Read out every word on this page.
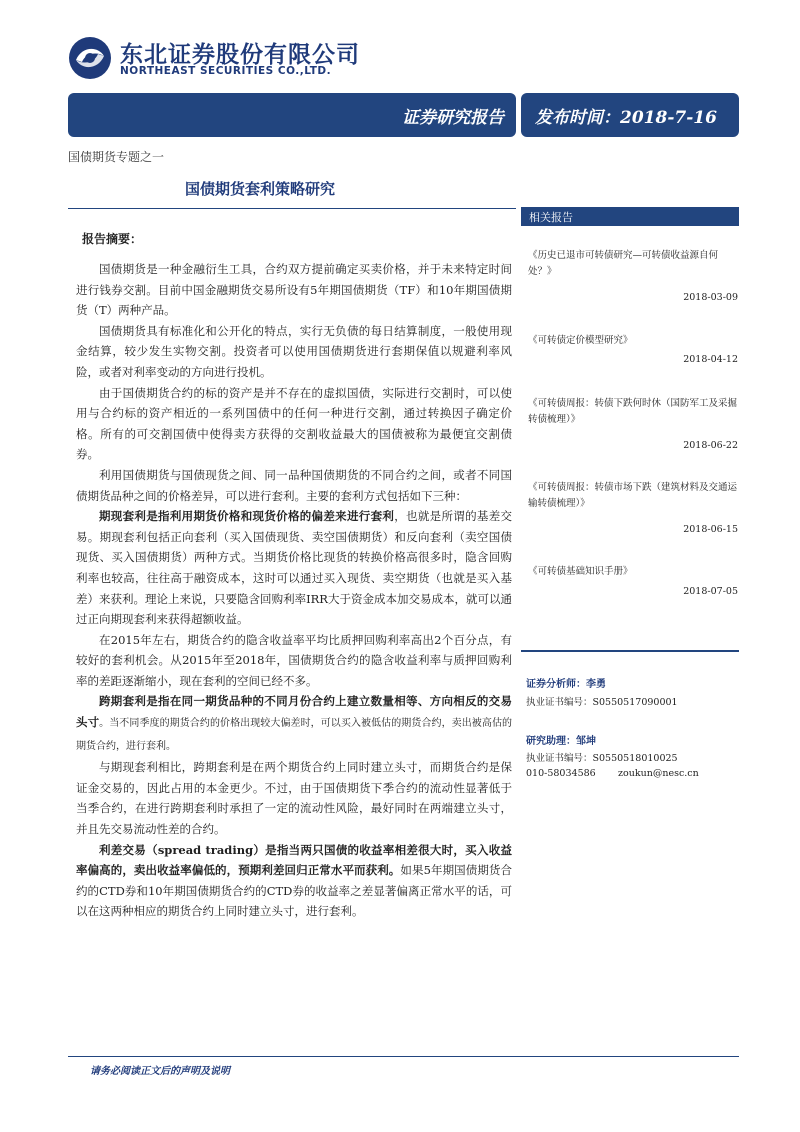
东北证券股份有限公司
NORTHEAST SECURITIES CO.,LTD.
证券研究报告 发布时间：2018-7-16
国债期货专题之一
国债期货套利策略研究
报告摘要：

国债期货是一种金融衍生工具，合约双方提前确定买卖价格，并于未来特定时间进行钱券交割。目前中国金融期货交易所设有5年期国债期货（TF）和10年期国债期货（T）两种产品。

国债期货具有标准化和公开化的特点，实行无负债的每日结算制度，一般使用现金结算，较少发生实物交割。投资者可以使用国债期货进行套期保值以规避利率风险，或者对利率变动的方向进行投机。

由于国债期货合约的标的资产是并不存在的虚拟国债，实际进行交割时，可以使用与合约标的资产相近的一系列国债中的任何一种进行交割，通过转换因子确定价格。所有的可交割国债中使得卖方获得的交割收益最大的国债被称为最便宜交割债券。

利用国债期货与国债现货之间、同一品种国债期货的不同合约之间，或者不同国债期货品种之间的价格差异，可以进行套利。主要的套利方式包括如下三种：

期现套利是指利用期货价格和现货价格的偏差来进行套利，也就是所谓的基差交易。期现套利包括正向套利（买入国债现货、卖空国债期货）和反向套利（卖空国债现货、买入国债期货）两种方式。当期货价格比现货的转换价格高很多时，隐含回购利率也较高，往往高于融资成本，这时可以通过买入现货、卖空期货（也就是买入基差）来获利。理论上来说，只要隐含回购利率IRR大于资金成本加交易成本，就可以通过正向期现套利来获得超额收益。

在2015年左右，期货合约的隐含收益率平均比质押回购利率高出2个百分点，有较好的套利机会。从2015年至2018年，国债期货合约的隐含收益利率与质押回购利率的差距逐渐缩小，现在套利的空间已经不多。

跨期套利是指在同一期货品种的不同月份合约上建立数量相等、方向相反的交易头寸。当不同季度的期货合约的价格出现较大偏差时，可以买入被低估的期货合约，卖出被高估的期货合约，进行套利。

与期现套利相比，跨期套利是在两个期货合约上同时建立头寸，而期货合约是保证金交易的，因此占用的本金更少。不过，由于国债期货下季合约的流动性显著低于当季合约，在进行跨期套利时承担了一定的流动性风险，最好同时在两端建立头寸，并且先交易流动性差的合约。

利差交易（spread trading）是指当两只国债的收益率相差很大时，买入收益率偏高的，卖出收益率偏低的，预期利差回归正常水平而获利。如果5年期国债期货合约的CTD券和10年期国债期货合约的CTD券的收益率之差显著偏离正常水平的话，可以在这两种相应的期货合约上同时建立头寸，进行套利。

相关报告
《历史已退市可转债研究—可转债收益源自何处？》
2018-03-09
《可转债定价模型研究》
2018-04-12
《可转债周报：转债下跌何时休（国防军工及采掘转债梳理）》
2018-06-22
《可转债周报：转债市场下跌（建筑材料及交通运输转债梳理）》
2018-06-15
《可转债基础知识手册》
2018-07-05
证券分析师：李勇
执业证书编号：S0550517090001
研究助理：邹坤
执业证书编号：S0550518010025
010-58034586 zoukun@nesc.cn
请务必阅读正文后的声明及说明
